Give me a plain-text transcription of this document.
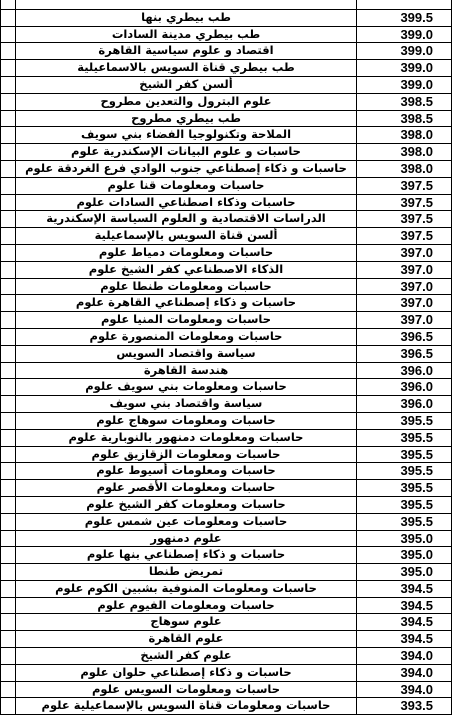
	طب بيطري بنها	399.5
	طب بيطري مدينة السادات	399.0
	اقتصاد و علوم سياسية القاهرة	399.0
	طب بيطري قناة السويس بالاسماعيلية	399.0
	ألسن كفر الشيخ	399.0
	علوم البترول والتعدين مطروح	398.5
	طب بيطري مطروح	398.5
	الملاحة وتكنولوجيا الفضاء بني سويف	398.0
	حاسبات و علوم البيانات الإسكندرية علوم	398.0
	حاسبات و ذكاء إصطناعي جنوب الوادي فرع الغردقة علوم	398.0
	حاسبات ومعلومات قنا علوم	397.5
	حاسبات وذكاء اصطناعي السادات علوم	397.5
	الدراسات الاقتصادية و العلوم السياسة الإسكندرية	397.5
	ألسن قناة السويس بالإسماعيلية	397.5
	حاسبات ومعلومات دمياط علوم	397.0
	الذكاء الاصطناعي كفر الشيخ علوم	397.0
	حاسبات ومعلومات طنطا علوم	397.0
	حاسبات و ذكاء إصطناعي القاهرة علوم	397.0
	حاسبات ومعلومات المنيا علوم	397.0
	حاسبات ومعلومات المنصورة علوم	396.5
	سياسة واقتصاد السويس	396.5
	هندسة القاهرة	396.0
	حاسبات ومعلومات بني سويف علوم	396.0
	سياسة واقتصاد بني سويف	396.0
	حاسبات ومعلومات سوهاج علوم	395.5
	حاسبات ومعلومات دمنهور بالنوبارية علوم	395.5
	حاسبات ومعلومات الزقازيق علوم	395.5
	حاسبات ومعلومات أسيوط علوم	395.5
	حاسبات ومعلومات الأقصر علوم	395.5
	حاسبات ومعلومات كفر الشيخ علوم	395.5
	حاسبات ومعلومات عين شمس علوم	395.5
	علوم دمنهور	395.0
	حاسبات و ذكاء إصطناعي بنها علوم	395.0
	تمريض طنطا	395.0
	حاسبات ومعلومات المنوفية بشبين الكوم علوم	394.5
	حاسبات ومعلومات الفيوم علوم	394.5
	علوم سوهاج	394.5
	علوم القاهرة	394.5
	علوم كفر الشيخ	394.0
	حاسبات و ذكاء إصطناعي حلوان علوم	394.0
	حاسبات ومعلومات السويس علوم	394.0
	حاسبات ومعلومات قناة السويس بالإسماعيلية علوم	393.5
